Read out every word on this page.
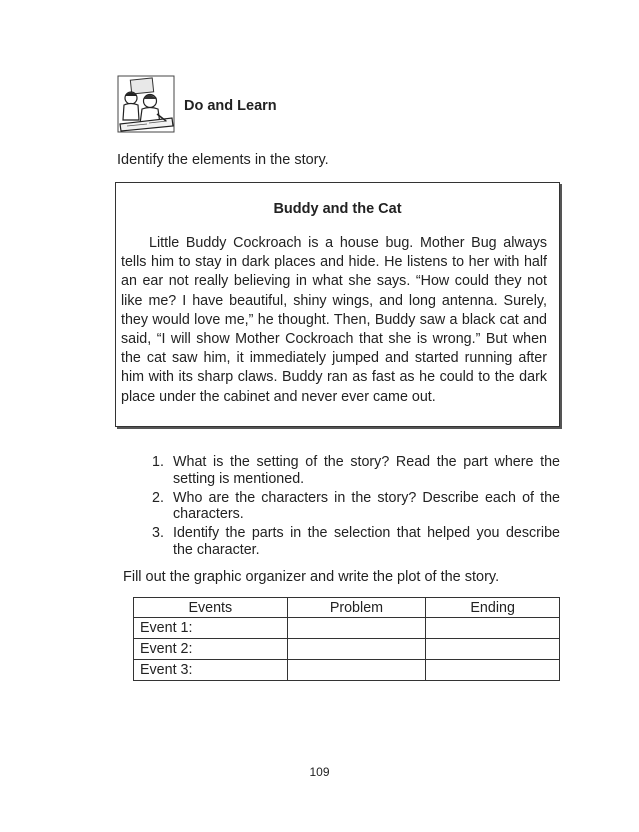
Do and Learn
Identify the elements in the story.
Buddy and the Cat

Little Buddy Cockroach is a house bug. Mother Bug always tells him to stay in dark places and hide. He listens to her with half an ear not really believing in what she says. “How could they not like me? I have beautiful, shiny wings, and long antenna. Surely, they would love me,” he thought. Then, Buddy saw a black cat and said, “I will show Mother Cockroach that she is wrong.” But when the cat saw him, it immediately jumped and started running after him with its sharp claws. Buddy ran as fast as he could to the dark place under the cabinet and never ever came out.

1. What is the setting of the story? Read the part where the setting is mentioned.
2. Who are the characters in the story? Describe each of the characters.
3. Identify the parts in the selection that helped you describe the character.
Fill out the graphic organizer and write the plot of the story.
Events	Problem	Ending
Event 1:		
Event 2:		
Event 3:		
109
